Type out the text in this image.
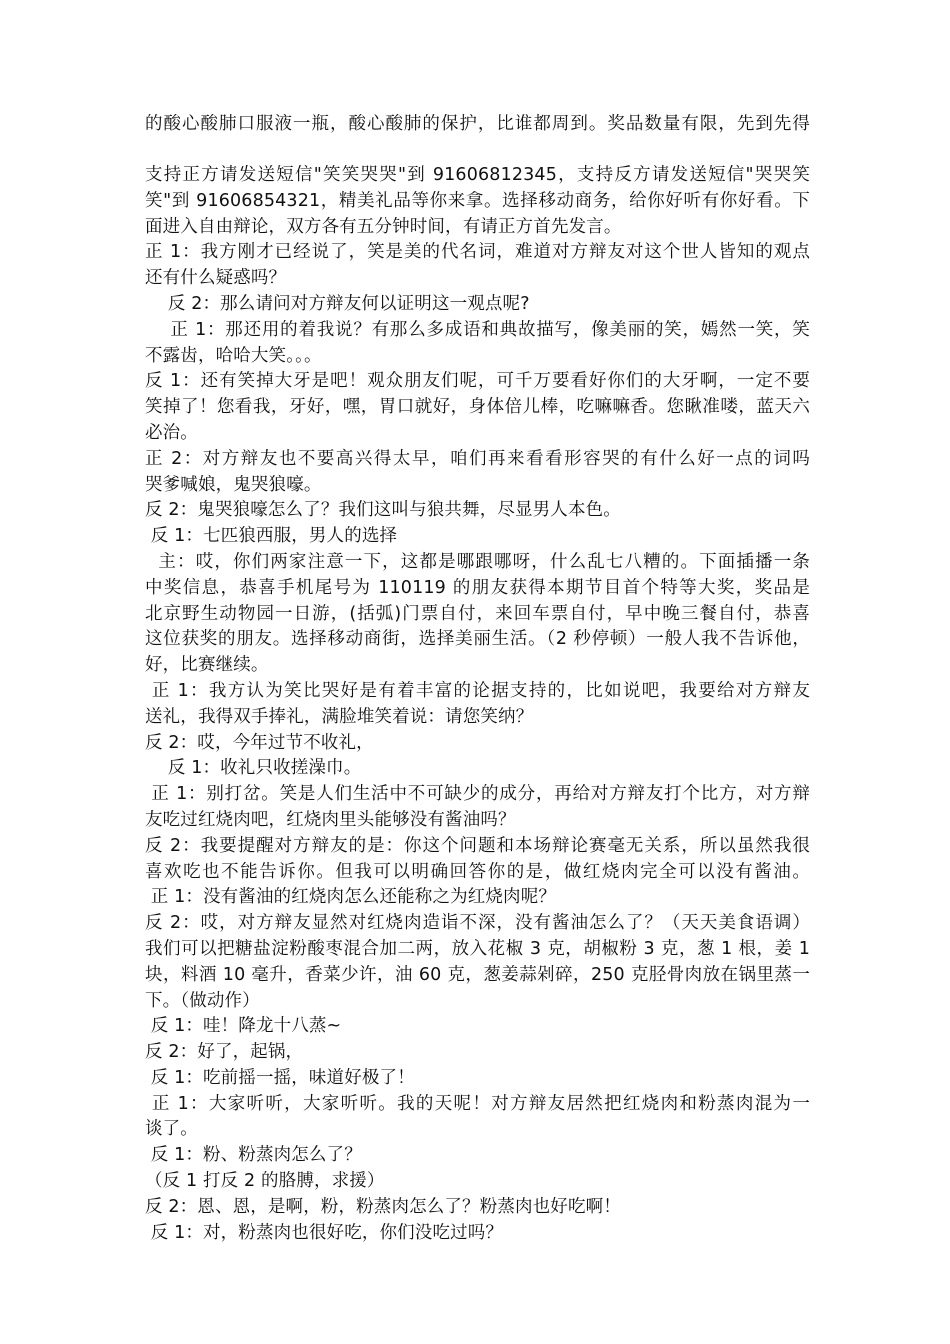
的酸心酸肺口服液一瓶，酸心酸肺的保护，比谁都周到。奖品数量有限，先到先得
支持正方请发送短信"笑笑哭哭"到 91606812345，支持反方请发送短信"哭哭笑
笑"到 91606854321，精美礼品等你来拿。选择移动商务，给你好听有你好看。下
面进入自由辩论，双方各有五分钟时间，有请正方首先发言。
正 1：我方刚才已经说了，笑是美的代名词，难道对方辩友对这个世人皆知的观点
还有什么疑惑吗？
反 2：那么请问对方辩友何以证明这一观点呢?
正 1：那还用的着我说？有那么多成语和典故描写，像美丽的笑，嫣然一笑，笑
不露齿，哈哈大笑。。。
反 1：还有笑掉大牙是吧！观众朋友们呢，可千万要看好你们的大牙啊，一定不要
笑掉了！您看我，牙好，嘿，胃口就好，身体倍儿棒，吃嘛嘛香。您瞅准喽，蓝天六
必治。
正 2：对方辩友也不要高兴得太早，咱们再来看看形容哭的有什么好一点的词吗
哭爹喊娘，鬼哭狼嚎。
反 2：鬼哭狼嚎怎么了？我们这叫与狼共舞，尽显男人本色。
反 1：七匹狼西服，男人的选择
主：哎，你们两家注意一下，这都是哪跟哪呀，什么乱七八糟的。下面插播一条
中奖信息，恭喜手机尾号为 110119 的朋友获得本期节目首个特等大奖，奖品是
北京野生动物园一日游，(括弧)门票自付，来回车票自付，早中晚三餐自付，恭喜
这位获奖的朋友。选择移动商街，选择美丽生活。（2 秒停顿）一般人我不告诉他，
好，比赛继续。
正 1：我方认为笑比哭好是有着丰富的论据支持的，比如说吧，我要给对方辩友
送礼，我得双手捧礼，满脸堆笑着说：请您笑纳？
反 2：哎，今年过节不收礼，
反 1：收礼只收搓澡巾。
正 1：别打岔。笑是人们生活中不可缺少的成分，再给对方辩友打个比方，对方辩
友吃过红烧肉吧，红烧肉里头能够没有酱油吗？
反 2：我要提醒对方辩友的是：你这个问题和本场辩论赛毫无关系，所以虽然我很
喜欢吃也不能告诉你。但我可以明确回答你的是，做红烧肉完全可以没有酱油。
正 1：没有酱油的红烧肉怎么还能称之为红烧肉呢？
反 2：哎，对方辩友显然对红烧肉造诣不深，没有酱油怎么了？（天天美食语调）
我们可以把糖盐淀粉酸枣混合加二两，放入花椒 3 克，胡椒粉 3 克，葱 1 根，姜 1
块，料酒 10 毫升，香菜少许，油 60 克，葱姜蒜剁碎，250 克胫骨肉放在锅里蒸一
下。（做动作）
反 1：哇！降龙十八蒸~
反 2：好了，起锅，
反 1：吃前摇一摇，味道好极了！
正 1：大家听听，大家听听。我的天呢！对方辩友居然把红烧肉和粉蒸肉混为一
谈了。
反 1：粉、粉蒸肉怎么了？
（反 1 打反 2 的胳膊，求援）
反 2：恩、恩，是啊，粉，粉蒸肉怎么了？粉蒸肉也好吃啊！
反 1：对，粉蒸肉也很好吃，你们没吃过吗？
